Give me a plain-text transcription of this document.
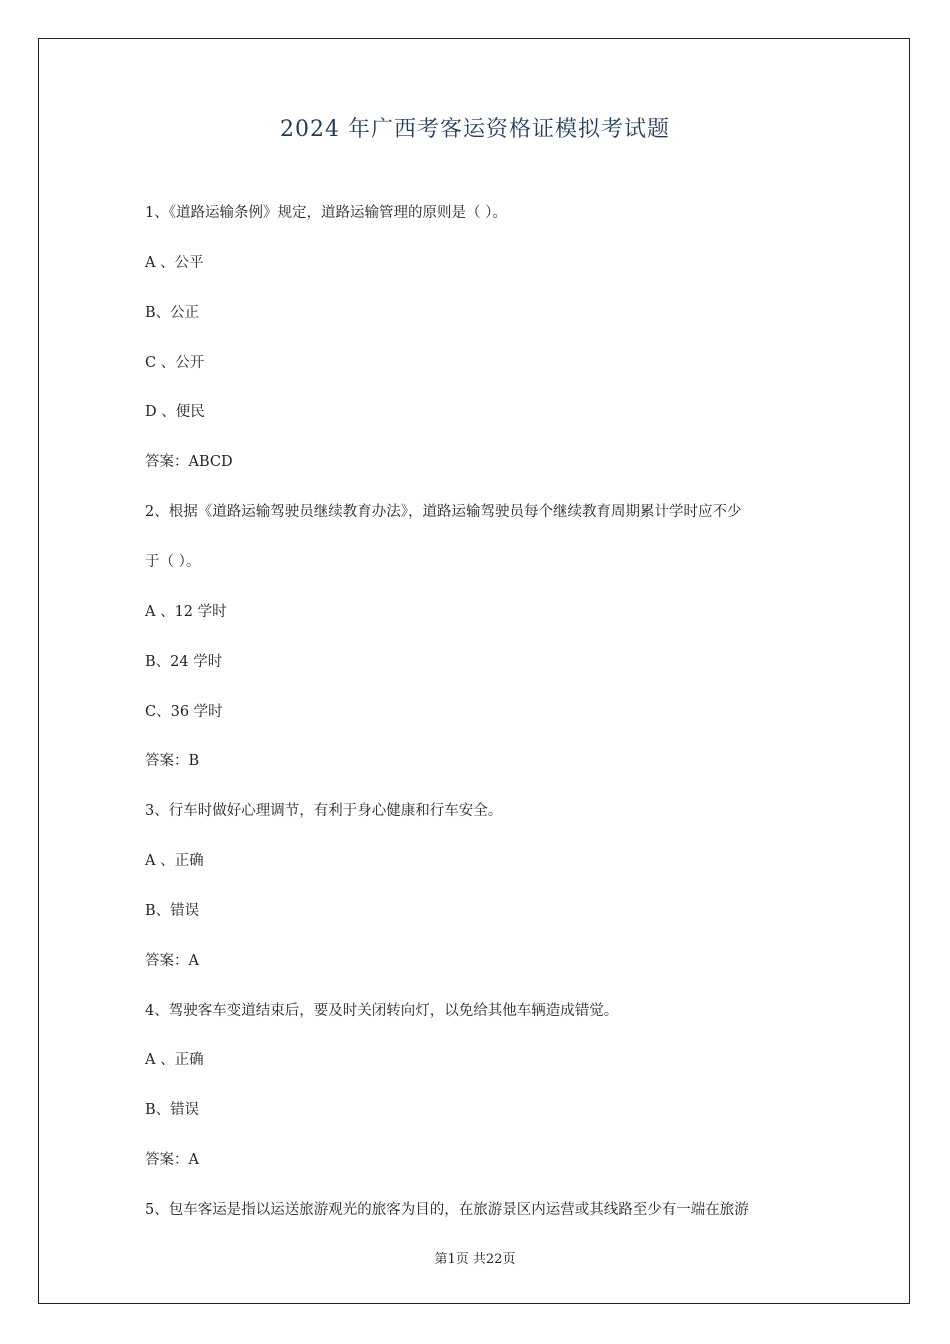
2024 年广西考客运资格证模拟考试题
1、《道路运输条例》规定，道路运输管理的原则是（ ）。
A 、公平
B、公正
C 、公开
D 、便民
答案：ABCD
2、根据《道路运输驾驶员继续教育办法》，道路运输驾驶员每个继续教育周期累计学时应不少
于（ ）。
A 、12 学时
B、24 学时
C、36 学时
答案：B
3、行车时做好心理调节，有利于身心健康和行车安全。
A 、正确
B、错误
答案：A
4、驾驶客车变道结束后，要及时关闭转向灯，以免给其他车辆造成错觉。
A 、正确
B、错误
答案：A
5、包车客运是指以运送旅游观光的旅客为目的，在旅游景区内运营或其线路至少有一端在旅游
第1页 共22页
